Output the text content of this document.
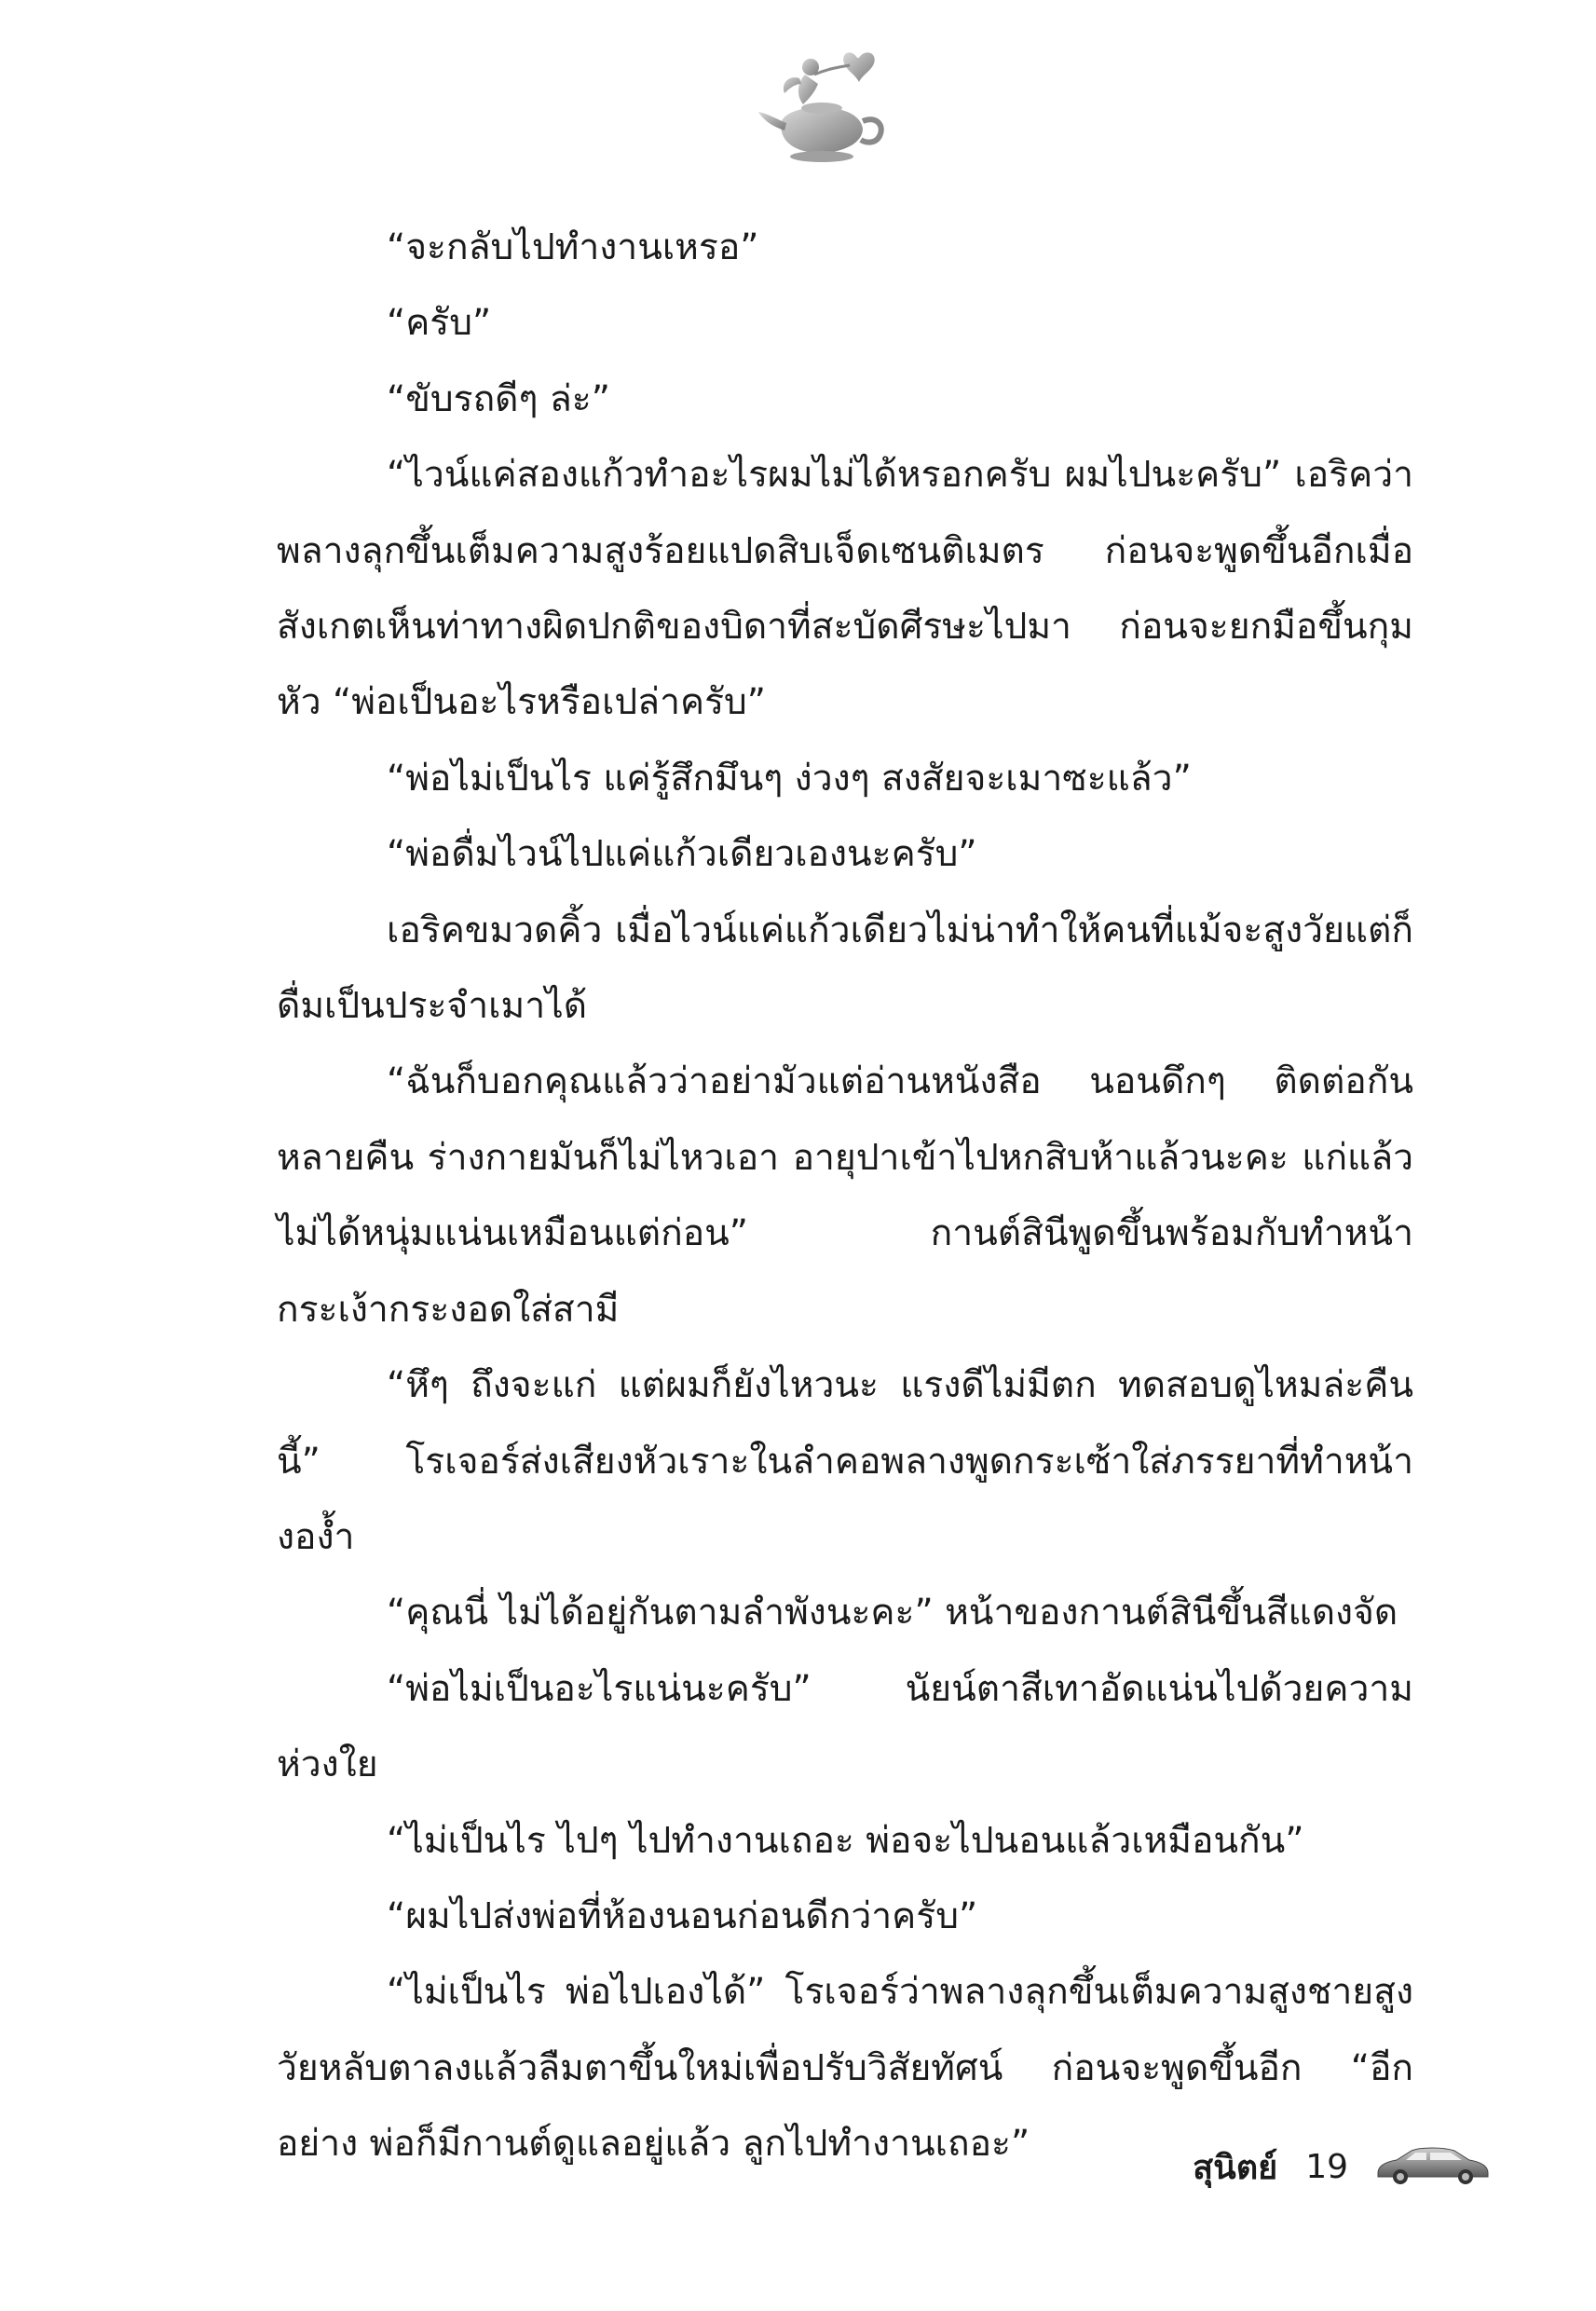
“จะกลับไปทำงานเหรอ”

“ครับ”

“ขับรถดีๆ ล่ะ”

“ไวน์แค่สองแก้วทำอะไรผมไม่ได้หรอกครับ ผมไปนะครับ” เอริคว่าพลางลุกขึ้นเต็มความสูงร้อยแปดสิบเจ็ดเซนติเมตร ก่อนจะพูดขึ้นอีกเมื่อสังเกตเห็นท่าทางผิดปกติของบิดาที่สะบัดศีรษะไปมา ก่อนจะยกมือขึ้นกุมหัว “พ่อเป็นอะไรหรือเปล่าครับ”

“พ่อไม่เป็นไร แค่รู้สึกมึนๆ ง่วงๆ สงสัยจะเมาซะแล้ว”

“พ่อดื่มไวน์ไปแค่แก้วเดียวเองนะครับ”

เอริคขมวดคิ้ว เมื่อไวน์แค่แก้วเดียวไม่น่าทำให้คนที่แม้จะสูงวัยแต่ก็ดื่มเป็นประจำเมาได้

“ฉันก็บอกคุณแล้วว่าอย่ามัวแต่อ่านหนังสือ นอนดึกๆ ติดต่อกันหลายคืน ร่างกายมันก็ไม่ไหวเอา อายุปาเข้าไปหกสิบห้าแล้วนะคะ แก่แล้ว ไม่ได้หนุ่มแน่นเหมือนแต่ก่อน” กานต์สินีพูดขึ้นพร้อมกับทำหน้ากระเง้ากระงอดใส่สามี

“หึๆ ถึงจะแก่ แต่ผมก็ยังไหวนะ แรงดีไม่มีตก ทดสอบดูไหมล่ะคืนนี้” โรเจอร์ส่งเสียงหัวเราะในลำคอพลางพูดกระเซ้าใส่ภรรยาที่ทำหน้างองํ้า

“คุณนี่ ไม่ได้อยู่กันตามลำพังนะคะ” หน้าของกานต์สินีขึ้นสีแดงจัด

“พ่อไม่เป็นอะไรแน่นะครับ” นัยน์ตาสีเทาอัดแน่นไปด้วยความห่วงใย

“ไม่เป็นไร ไปๆ ไปทำงานเถอะ พ่อจะไปนอนแล้วเหมือนกัน”

“ผมไปส่งพ่อที่ห้องนอนก่อนดีกว่าครับ”

“ไม่เป็นไร พ่อไปเองได้” โรเจอร์ว่าพลางลุกขึ้นเต็มความสูงชายสูงวัยหลับตาลงแล้วลืมตาขึ้นใหม่เพื่อปรับวิสัยทัศน์ ก่อนจะพูดขึ้นอีก “อีกอย่าง พ่อก็มีกานต์ดูแลอยู่แล้ว ลูกไปทำงานเถอะ”

สุนิตย์ 19
